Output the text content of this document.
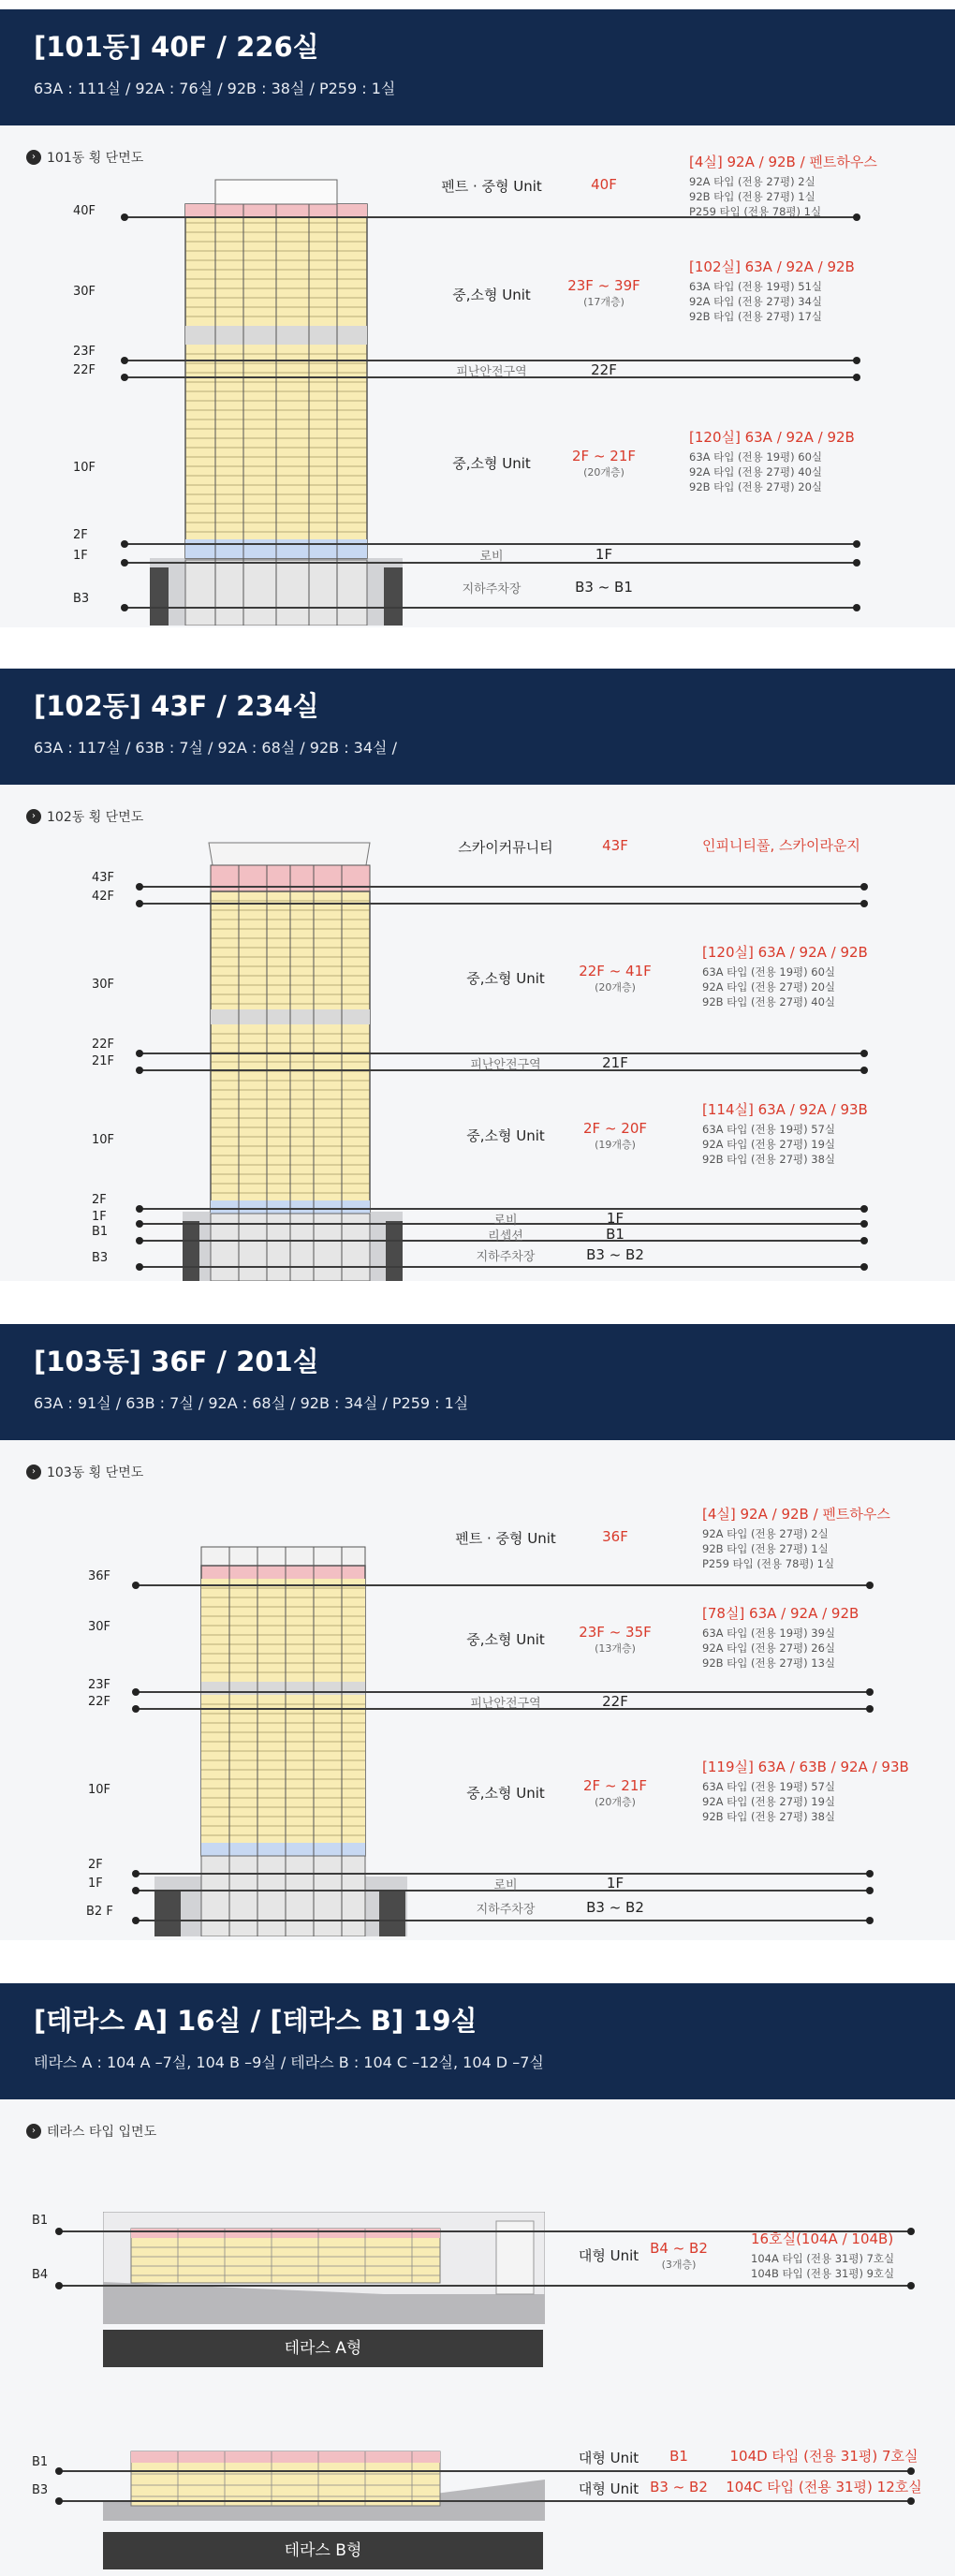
[101동] 40F / 226실
63A : 111실 / 92A : 76실 / 92B : 38실 / P259 : 1실
› 101동 횡 단면도
40F
30F
23F
22F
10F
2F
1F
B3
펜트 · 중형 Unit	40F
[4실] 92A / 92B / 펜트하우스
92A 타입 (전용 27평) 2실
92B 타입 (전용 27평) 1실
P259 타입 (전용 78평) 1실
중,소형 Unit
23F ~ 39F
(17개층)
[102실] 63A / 92A / 92B
63A 타입 (전용 19평) 51실
92A 타입 (전용 27평) 34실
92B 타입 (전용 27평) 17실
피난안전구역	22F
중,소형 Unit	2F ~ 21F
(20개층)
[120실] 63A / 92A / 92B
63A 타입 (전용 19평) 60실
92A 타입 (전용 27평) 40실
92B 타입 (전용 27평) 20실
로비	1F
지하주차장	B3 ~ B1
[102동] 43F / 234실
63A : 117실 / 63B : 7실 / 92A : 68실 / 92B : 34실 /
› 102동 횡 단면도
43F
42F
30F
22F
21F
10F
2F
1F
B1
B3
스카이커뮤니티	43F	인피니티풀, 스카이라운지
중,소형 Unit	22F ~ 41F
(20개층)
[120실] 63A / 92A / 92B
63A 타입 (전용 19평) 60실
92A 타입 (전용 27평) 20실
92B 타입 (전용 27평) 40실
피난안전구역	21F
중,소형 Unit	2F ~ 20F
(19개층)
[114실] 63A / 92A / 93B
63A 타입 (전용 19평) 57실
92A 타입 (전용 27평) 19실
92B 타입 (전용 27평) 38실
로비	1F
리셉션	B1
지하주차장	B3 ~ B2
[103동] 36F / 201실
63A : 91실 / 63B : 7실 / 92A : 68실 / 92B : 34실 / P259 : 1실
› 103동 횡 단면도
36F
30F
23F
22F
10F
2F
1F
B2 F
펜트 · 중형 Unit	36F
[4실] 92A / 92B / 펜트하우스
92A 타입 (전용 27평) 2실
92B 타입 (전용 27평) 1실
P259 타입 (전용 78평) 1실
중,소형 Unit	23F ~ 35F
(13개층)
[78실] 63A / 92A / 92B
63A 타입 (전용 19평) 39실
92A 타입 (전용 27평) 26실
92B 타입 (전용 27평) 13실
피난안전구역	22F
중,소형 Unit	2F ~ 21F
(20개층)
[119실] 63A / 63B / 92A / 93B
63A 타입 (전용 19평) 57실
92A 타입 (전용 27평) 19실
92B 타입 (전용 27평) 38실
로비	1F
지하주차장	B3 ~ B2
[테라스 A] 16실 / [테라스 B] 19실
테라스 A : 104 A –7실, 104 B –9실 / 테라스 B : 104 C –12실, 104 D –7실
› 테라스 타입 입면도
B1
B4
대형 Unit B4 ~ B2
(3개층)
16호실(104A / 104B)
104A 타입 (전용 31평) 7호실
104B 타입 (전용 31평) 9호실
테라스 A형
B1
B3
대형 Unit	B1	104D 타입 (전용 31평) 7호실
대형 Unit B3 ~ B2	104C 타입 (전용 31평) 12호실
테라스 B형
